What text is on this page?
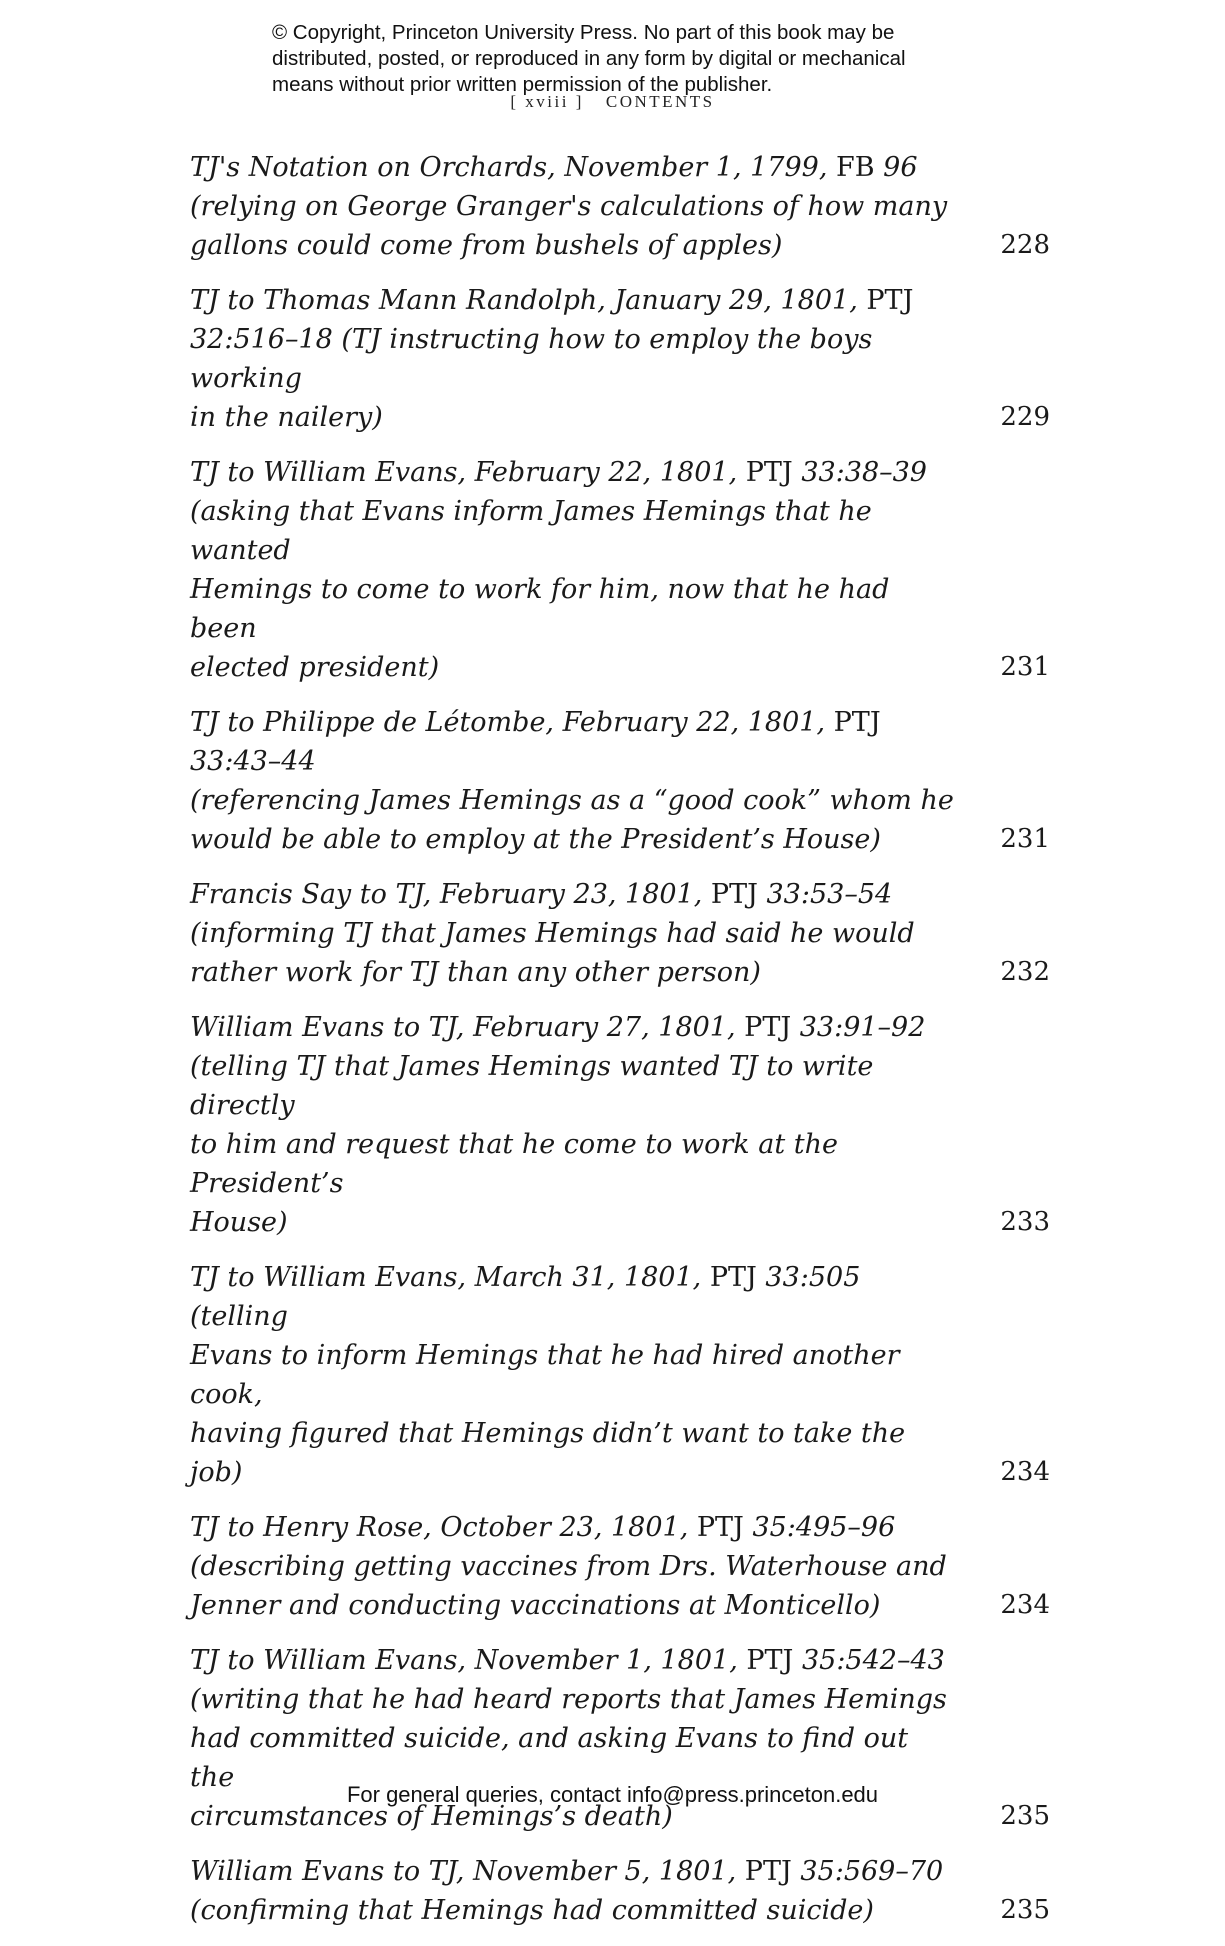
© Copyright, Princeton University Press. No part of this book may be
distributed, posted, or reproduced in any form by digital or mechanical
means without prior written permission of the publisher.
[ xviii ] CONTENTS
TJ's Notation on Orchards, November 1, 1799, FB 96
(relying on George Granger's calculations of how many
gallons could come from bushels of apples)	228
TJ to Thomas Mann Randolph, January 29, 1801, PTJ
32:516–18 (TJ instructing how to employ the boys working
in the nailery)	229
TJ to William Evans, February 22, 1801, PTJ 33:38–39
(asking that Evans inform James Hemings that he wanted
Hemings to come to work for him, now that he had been
elected president)	231
TJ to Philippe de Létombe, February 22, 1801, PTJ 33:43–44
(referencing James Hemings as a “good cook” whom he
would be able to employ at the President’s House)	231
Francis Say to TJ, February 23, 1801, PTJ 33:53–54
(informing TJ that James Hemings had said he would
rather work for TJ than any other person)	232
William Evans to TJ, February 27, 1801, PTJ 33:91–92
(telling TJ that James Hemings wanted TJ to write directly
to him and request that he come to work at the President’s
House)	233
TJ to William Evans, March 31, 1801, PTJ 33:505 (telling
Evans to inform Hemings that he had hired another cook,
having figured that Hemings didn’t want to take the job)	234
TJ to Henry Rose, October 23, 1801, PTJ 35:495–96
(describing getting vaccines from Drs. Waterhouse and
Jenner and conducting vaccinations at Monticello)	234
TJ to William Evans, November 1, 1801, PTJ 35:542–43
(writing that he had heard reports that James Hemings
had committed suicide, and asking Evans to find out the
circumstances of Hemings’s death)	235
William Evans to TJ, November 5, 1801, PTJ 35:569–70
(confirming that Hemings had committed suicide)	235
For general queries, contact info@press.princeton.edu
